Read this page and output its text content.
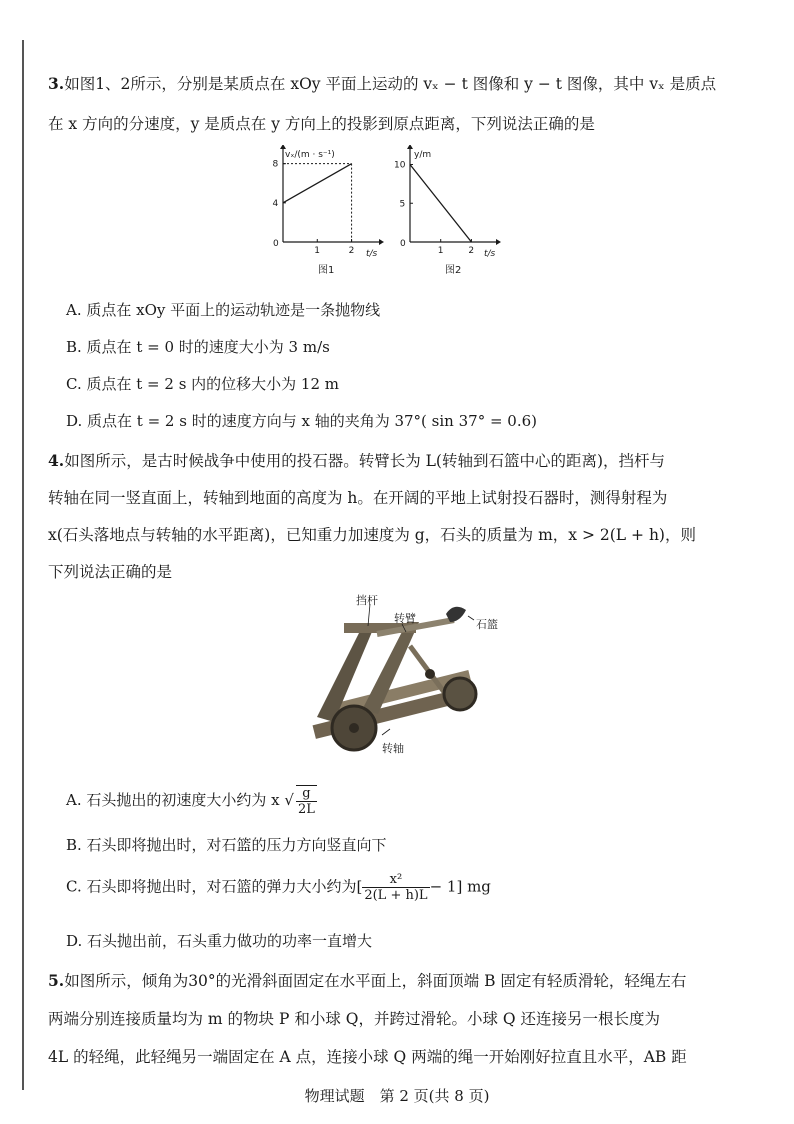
3.如图1、2所示，分别是某质点在 xOy 平面上运动的 vₓ − t 图像和 y − t 图像，其中 vₓ 是质点
在 x 方向的分速度，y 是质点在 y 方向上的投影到原点距离，下列说法正确的是
1	2
4
8
0
vₓ/(m · s⁻¹)
t/s
图1
1	2
5
10
0
y/m
t/s
图2
A. 质点在 xOy 平面上的运动轨迹是一条抛物线
B. 质点在 t = 0 时的速度大小为 3 m/s
C. 质点在 t = 2 s 内的位移大小为 12 m
D. 质点在 t = 2 s 时的速度方向与 x 轴的夹角为 37°( sin 37° = 0.6)
4.如图所示，是古时候战争中使用的投石器。转臂长为 L(转轴到石篮中心的距离)，挡杆与
转轴在同一竖直面上，转轴到地面的高度为 h。在开阔的平地上试射投石器时，测得射程为
x(石头落地点与转轴的水平距离)，已知重力加速度为 g，石头的质量为 m，x > 2(L + h)，则
下列说法正确的是
挡杆
转臂	石篮
转轴
A. 石头抛出的初速度大小约为 x √ $\frac{g}{2L}$
B. 石头即将抛出时，对石篮的压力方向竖直向下
C. 石头即将抛出时，对石篮的弹力大小约为[ $\frac{\text{x²}}{2(L + h)L} - 1$] mg
D. 石头抛出前，石头重力做功的功率一直增大
5.如图所示，倾角为30°的光滑斜面固定在水平面上，斜面顶端 B 固定有轻质滑轮，轻绳左右
两端分别连接质量均为 m 的物块 P 和小球 Q，并跨过滑轮。小球 Q 还连接另一根长度为
4L 的轻绳，此轻绳另一端固定在 A 点，连接小球 Q 两端的绳一开始刚好拉直且水平，AB 距
物理试题　第 2 页(共 8 页)
